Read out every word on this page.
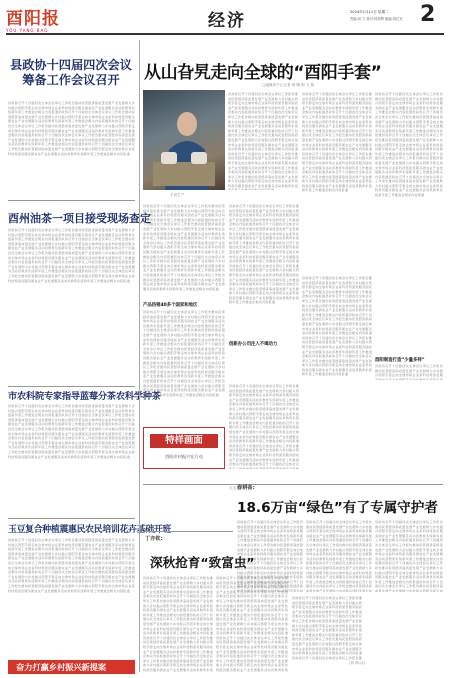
酉阳报
YOU YANG BAO	经济	2024年1月11日 星期二
责编:刘 力 校对:杨再辉 版编:刘红豆 2
县政协十四届四次会议
筹备工作会议召开
县政协召开十四届四次全体会议审议工作报告推动民营经济高质量发展产业发展助力乡村振兴西阳手套走向全球市场企业家科技特派员服务团农业产业发展服务活动县教育系统新年度工作推进会相关内容报道县政协召开十四届四次全体会议审议工作报告推动民营经济高质量发展产业发展助力乡村振兴西阳手套走向全球市场企业家科技特派员服务团农业产业发展服务活动县教育系统新年度工作推进会相关内容报道县政协召开十四届四次全体会议审议工作报告推动民营经济高质量发展产业发展助力乡村振兴西阳手套走向全球市场企业家科技特派员服务团农业产业发展服务活动县教育系统新年度工作推进会相关内容报道县政协召开十四届四次全体会议审议工作报告推动民营经济高质量发展产业发展助力乡村振兴西阳手套走向全球市场企业家科技特派员服务团农业产业发展服务活动县教育系统新年度工作推进会相关内容报道县政协召开十四届四次全体会议审议工作报告推动民营经济高质量发展产业发展助力乡村振兴西阳手套走向全球市场企业家科技特派员服务团农业产业发展服务活动县教育系统新年度工作推进会相关内容报道
酉州油茶一项目接受现场查定
县政协召开十四届四次全体会议审议工作报告推动民营经济高质量发展产业发展助力乡村振兴西阳手套走向全球市场企业家科技特派员服务团农业产业发展服务活动县教育系统新年度工作推进会相关内容报道县政协召开十四届四次全体会议审议工作报告推动民营经济高质量发展产业发展助力乡村振兴西阳手套走向全球市场企业家科技特派员服务团农业产业发展服务活动县教育系统新年度工作推进会相关内容报道县政协召开十四届四次全体会议审议工作报告推动民营经济高质量发展产业发展助力乡村振兴西阳手套走向全球市场企业家科技特派员服务团农业产业发展服务活动县教育系统新年度工作推进会相关内容报道县政协召开十四届四次全体会议审议工作报告推动民营经济高质量发展产业发展助力乡村振兴西阳手套走向全球市场企业家科技特派员服务团农业产业发展服务活动县教育系统新年度工作推进会相关内容报道县政协召开十四届四次全体会议审议工作报告推动民营经济高质量发展产业发展助力乡村振兴西阳手套走向全球市场企业家科技特派员服务团农业产业发展服务活动县教育系统新年度工作推进会相关内容报道
市农科院专家指导蓝莓分茶农科学种茶
县政协召开十四届四次全体会议审议工作报告推动民营经济高质量发展产业发展助力乡村振兴西阳手套走向全球市场企业家科技特派员服务团农业产业发展服务活动县教育系统新年度工作推进会相关内容报道县政协召开十四届四次全体会议审议工作报告推动民营经济高质量发展产业发展助力乡村振兴西阳手套走向全球市场企业家科技特派员服务团农业产业发展服务活动县教育系统新年度工作推进会相关内容报道县政协召开十四届四次全体会议审议工作报告推动民营经济高质量发展产业发展助力乡村振兴西阳手套走向全球市场企业家科技特派员服务团农业产业发展服务活动县教育系统新年度工作推进会相关内容报道县政协召开十四届四次全体会议审议工作报告推动民营经济高质量发展产业发展助力乡村振兴西阳手套走向全球市场企业家科技特派员服务团农业产业发展服务活动县教育系统新年度工作推进会相关内容报道县政协召开十四届四次全体会议审议工作报告推动民营经济高质量发展产业发展助力乡村振兴西阳手套走向全球市场企业家科技特派员服务团农业产业发展服务活动县教育系统新年度工作推进会相关内容报道
玉豆复合种植震惠民农民培训花卉基础开班
县政协召开十四届四次全体会议审议工作报告推动民营经济高质量发展产业发展助力乡村振兴西阳手套走向全球市场企业家科技特派员服务团农业产业发展服务活动县教育系统新年度工作推进会相关内容报道县政协召开十四届四次全体会议审议工作报告推动民营经济高质量发展产业发展助力乡村振兴西阳手套走向全球市场企业家科技特派员服务团农业产业发展服务活动县教育系统新年度工作推进会相关内容报道县政协召开十四届四次全体会议审议工作报告推动民营经济高质量发展产业发展助力乡村振兴西阳手套走向全球市场企业家科技特派员服务团农业产业发展服务活动县教育系统新年度工作推进会相关内容报道县政协召开十四届四次全体会议审议工作报告推动民营经济高质量发展产业发展助力乡村振兴西阳手套走向全球市场企业家科技特派员服务团农业产业发展服务活动县教育系统新年度工作推进会相关内容报道县政协召开十四届四次全体会议审议工作报告推动民营经济高质量发展产业发展助力乡村振兴西阳手套走向全球市场企业家科技特派员服务团农业产业发展服务活动县教育系统新年度工作推进会相关内容报道
奋力打赢乡村振兴新提案
从山旮旯走向全球的“酉阳手套”
□融媒体中心记者 杨 腾 阿 飞 陈
手套生产
县政协召开十四届四次全体会议审议工作报告推动民营经济高质量发展产业发展助力乡村振兴西阳手套走向全球市场企业家科技特派员服务团农业产业发展服务活动县教育系统新年度工作推进会相关内容报道县政协召开十四届四次全体会议审议工作报告推动民营经济高质量发展产业发展助力乡村振兴西阳手套走向全球市场企业家科技特派员服务团农业产业发展服务活动县教育系统新年度工作推进会相关内容报道县政协召开十四届四次全体会议审议工作报告推动民营经济高质量发展产业发展助力乡村振兴西阳手套走向全球市场企业家科技特派员服务团农业产业发展服务活动县教育系统新年度工作推进会相关内容报道县政协召开十四届四次全体会议审议工作报告推动民营经济高质量发展产业发展助力乡村振兴西阳手套走向全球市场企业家科技特派员服务团农业产业发展服务活动县教育系统新年度工作推进会相关内容报道县政协召开十四届四次全体会议审议工作报告推动民营经济高质量发展产业发展助力乡村振兴西阳手套走向全球市场企业家科技特派员服务团农业产业发展服务活动县教育系统新年度工作推进会相关内容报道
县政协召开十四届四次全体会议审议工作报告推动民营经济高质量发展产业发展助力乡村振兴西阳手套走向全球市场企业家科技特派员服务团农业产业发展服务活动县教育系统新年度工作推进会相关内容报道县政协召开十四届四次全体会议审议工作报告推动民营经济高质量发展产业发展助力乡村振兴西阳手套走向全球市场企业家科技特派员服务团农业产业发展服务活动县教育系统新年度工作推进会相关内容报道县政协召开十四届四次全体会议审议工作报告推动民营经济高质量发展产业发展助力乡村振兴西阳手套走向全球市场企业家科技特派员服务团农业产业发展服务活动县教育系统新年度工作推进会相关内容报道县政协召开十四届四次全体会议审议工作报告推动民营经济高质量发展产业发展助力乡村振兴西阳手套走向全球市场企业家科技特派员服务团农业产业发展服务活动县教育系统新年度工作推进会相关内容报道县政协召开十四届四次全体会议审议工作报告推动民营经济高质量发展产业发展助力乡村振兴西阳手套走向全球市场企业家科技特派员服务团农业产业发展服务活动县教育系统新年度工作推进会相关内容报道
产品热销40多个国家和地区
县政协召开十四届四次全体会议审议工作报告推动民营经济高质量发展产业发展助力乡村振兴西阳手套走向全球市场企业家科技特派员服务团农业产业发展服务活动县教育系统新年度工作推进会相关内容报道县政协召开十四届四次全体会议审议工作报告推动民营经济高质量发展产业发展助力乡村振兴西阳手套走向全球市场企业家科技特派员服务团农业产业发展服务活动县教育系统新年度工作推进会相关内容报道县政协召开十四届四次全体会议审议工作报告推动民营经济高质量发展产业发展助力乡村振兴西阳手套走向全球市场企业家科技特派员服务团农业产业发展服务活动县教育系统新年度工作推进会相关内容报道县政协召开十四届四次全体会议审议工作报告推动民营经济高质量发展产业发展助力乡村振兴西阳手套走向全球市场企业家科技特派员服务团农业产业发展服务活动县教育系统新年度工作推进会相关内容报道县政协召开十四届四次全体会议审议工作报告推动民营经济高质量发展产业发展助力乡村振兴西阳手套走向全球市场企业家科技特派员服务团农业产业发展服务活动县教育系统新年度工作推进会相关内容报道
特样画面
酉阳乡村振兴在行动
县政协召开十四届四次全体会议审议工作报告推动民营经济高质量发展产业发展助力乡村振兴西阳手套走向全球市场企业家科技特派员服务团农业产业发展服务活动县教育系统新年度工作推进会相关内容报道县政协召开十四届四次全体会议审议工作报告推动民营经济高质量发展产业发展助力乡村振兴西阳手套走向全球市场企业家科技特派员服务团农业产业发展服务活动县教育系统新年度工作推进会相关内容报道县政协召开十四届四次全体会议审议工作报告推动民营经济高质量发展产业发展助力乡村振兴西阳手套走向全球市场企业家科技特派员服务团农业产业发展服务活动县教育系统新年度工作推进会相关内容报道县政协召开十四届四次全体会议审议工作报告推动民营经济高质量发展产业发展助力乡村振兴西阳手套走向全球市场企业家科技特派员服务团农业产业发展服务活动县教育系统新年度工作推进会相关内容报道县政协召开十四届四次全体会议审议工作报告推动民营经济高质量发展产业发展助力乡村振兴西阳手套走向全球市场企业家科技特派员服务团农业产业发展服务活动县教育系统新年度工作推进会相关内容报道
县政协召开十四届四次全体会议审议工作报告推动民营经济高质量发展产业发展助力乡村振兴西阳手套走向全球市场企业家科技特派员服务团农业产业发展服务活动县教育系统新年度工作推进会相关内容报道县政协召开十四届四次全体会议审议工作报告推动民营经济高质量发展产业发展助力乡村振兴西阳手套走向全球市场企业家科技特派员服务团农业产业发展服务活动县教育系统新年度工作推进会相关内容报道县政协召开十四届四次全体会议审议工作报告推动民营经济高质量发展产业发展助力乡村振兴西阳手套走向全球市场企业家科技特派员服务团农业产业发展服务活动县教育系统新年度工作推进会相关内容报道县政协召开十四届四次全体会议审议工作报告推动民营经济高质量发展产业发展助力乡村振兴西阳手套走向全球市场企业家科技特派员服务团农业产业发展服务活动县教育系统新年度工作推进会相关内容报道县政协召开十四届四次全体会议审议工作报告推动民营经济高质量发展产业发展助力乡村振兴西阳手套走向全球市场企业家科技特派员服务团农业产业发展服务活动县教育系统新年度工作推进会相关内容报道
创新办公司注入不竭动力
酉阳制造打造“少量多样”
县政协召开十四届四次全体会议审议工作报告推动民营经济高质量发展产业发展助力乡村振兴西阳手套走向全球市场企业家科技特派员服务团农业产业发展服务活动县教育系统新年度工作推进会相关内容报道县政协召开十四届四次全体会议审议工作报告推动民营经济高质量发展产业发展助力乡村振兴西阳手套走向全球市场企业家科技特派员服务团农业产业发展服务活动县教育系统新年度工作推进会相关内容报道县政协召开十四届四次全体会议审议工作报告推动民营经济高质量发展产业发展助力乡村振兴西阳手套走向全球市场企业家科技特派员服务团农业产业发展服务活动县教育系统新年度工作推进会相关内容报道县政协召开十四届四次全体会议审议工作报告推动民营经济高质量发展产业发展助力乡村振兴西阳手套走向全球市场企业家科技特派员服务团农业产业发展服务活动县教育系统新年度工作推进会相关内容报道县政协召开十四届四次全体会议审议工作报告推动民营经济高质量发展产业发展助力乡村振兴西阳手套走向全球市场企业家科技特派员服务团农业产业发展服务活动县教育系统新年度工作推进会相关内容报道
县政协召开十四届四次全体会议审议工作报告推动民营经济高质量发展产业发展助力乡村振兴西阳手套走向全球市场企业家科技特派员服务团农业产业发展服务活动县教育系统新年度工作推进会相关内容报道县政协召开十四届四次全体会议审议工作报告推动民营经济高质量发展产业发展助力乡村振兴西阳手套走向全球市场企业家科技特派员服务团农业产业发展服务活动县教育系统新年度工作推进会相关内容报道县政协召开十四届四次全体会议审议工作报告推动民营经济高质量发展产业发展助力乡村振兴西阳手套走向全球市场企业家科技特派员服务团农业产业发展服务活动县教育系统新年度工作推进会相关内容报道县政协召开十四届四次全体会议审议工作报告推动民营经济高质量发展产业发展助力乡村振兴西阳手套走向全球市场企业家科技特派员服务团农业产业发展服务活动县教育系统新年度工作推进会相关内容报道县政协召开十四届四次全体会议审议工作报告推动民营经济高质量发展产业发展助力乡村振兴西阳手套走向全球市场企业家科技特派员服务团农业产业发展服务活动县教育系统新年度工作推进会相关内容报道
县政协召开十四届四次全体会议审议工作报告推动民营经济高质量发展产业发展助力乡村振兴西阳手套走向全球市场企业家科技特派员服务团农业产业发展服务活动县教育系统新年度工作推进会相关内容报道县政协召开十四届四次全体会议审议工作报告推动民营经济高质量发展产业发展助力乡村振兴西阳手套走向全球市场企业家科技特派员服务团农业产业发展服务活动县教育系统新年度工作推进会相关内容报道县政协召开十四届四次全体会议审议工作报告推动民营经济高质量发展产业发展助力乡村振兴西阳手套走向全球市场企业家科技特派员服务团农业产业发展服务活动县教育系统新年度工作推进会相关内容报道县政协召开十四届四次全体会议审议工作报告推动民营经济高质量发展产业发展助力乡村振兴西阳手套走向全球市场企业家科技特派员服务团农业产业发展服务活动县教育系统新年度工作推进会相关内容报道县政协召开十四届四次全体会议审议工作报告推动民营经济高质量发展产业发展助力乡村振兴西阳手套走向全球市场企业家科技特派员服务团农业产业发展服务活动县教育系统新年度工作推进会相关内容报道
县政协召开十四届四次全体会议审议工作报告推动民营经济高质量发展产业发展助力乡村振兴西阳手套走向全球市场企业家科技特派员服务团农业产业发展服务活动县教育系统新年度工作推进会相关内容报道县政协召开十四届四次全体会议审议工作报告推动民营经济高质量发展产业发展助力乡村振兴西阳手套走向全球市场企业家科技特派员服务团农业产业发展服务活动县教育系统新年度工作推进会相关内容报道县政协召开十四届四次全体会议审议工作报告推动民营经济高质量发展产业发展助力乡村振兴西阳手套走向全球市场企业家科技特派员服务团农业产业发展服务活动县教育系统新年度工作推进会相关内容报道县政协召开十四届四次全体会议审议工作报告推动民营经济高质量发展产业发展助力乡村振兴西阳手套走向全球市场企业家科技特派员服务团农业产业发展服务活动县教育系统新年度工作推进会相关内容报道县政协召开十四届四次全体会议审议工作报告推动民营经济高质量发展产业发展助力乡村振兴西阳手套走向全球市场企业家科技特派员服务团农业产业发展服务活动县教育系统新年度工作推进会相关内容报道
走出去
春耕备:
18.6万亩“绿色”有了专属守护者
县政协召开十四届四次全体会议审议工作报告推动民营经济高质量发展产业发展助力乡村振兴西阳手套走向全球市场企业家科技特派员服务团农业产业发展服务活动县教育系统新年度工作推进会相关内容报道县政协召开十四届四次全体会议审议工作报告推动民营经济高质量发展产业发展助力乡村振兴西阳手套走向全球市场企业家科技特派员服务团农业产业发展服务活动县教育系统新年度工作推进会相关内容报道县政协召开十四届四次全体会议审议工作报告推动民营经济高质量发展产业发展助力乡村振兴西阳手套走向全球市场企业家科技特派员服务团农业产业发展服务活动县教育系统新年度工作推进会相关内容报道县政协召开十四届四次全体会议审议工作报告推动民营经济高质量发展产业发展助力乡村振兴西阳手套走向全球市场企业家科技特派员服务团农业产业发展服务活动县教育系统新年度工作推进会相关内容报道县政协召开十四届四次全体会议审议工作报告推动民营经济高质量发展产业发展助力乡村振兴西阳手套走向全球市场企业家科技特派员服务团农业产业发展服务活动县教育系统新年度工作推进会相关内容报道
县政协召开十四届四次全体会议审议工作报告推动民营经济高质量发展产业发展助力乡村振兴西阳手套走向全球市场企业家科技特派员服务团农业产业发展服务活动县教育系统新年度工作推进会相关内容报道县政协召开十四届四次全体会议审议工作报告推动民营经济高质量发展产业发展助力乡村振兴西阳手套走向全球市场企业家科技特派员服务团农业产业发展服务活动县教育系统新年度工作推进会相关内容报道县政协召开十四届四次全体会议审议工作报告推动民营经济高质量发展产业发展助力乡村振兴西阳手套走向全球市场企业家科技特派员服务团农业产业发展服务活动县教育系统新年度工作推进会相关内容报道县政协召开十四届四次全体会议审议工作报告推动民营经济高质量发展产业发展助力乡村振兴西阳手套走向全球市场企业家科技特派员服务团农业产业发展服务活动县教育系统新年度工作推进会相关内容报道县政协召开十四届四次全体会议审议工作报告推动民营经济高质量发展产业发展助力乡村振兴西阳手套走向全球市场企业家科技特派员服务团农业产业发展服务活动县教育系统新年度工作推进会相关内容报道
县政协召开十四届四次全体会议审议工作报告推动民营经济高质量发展产业发展助力乡村振兴西阳手套走向全球市场企业家科技特派员服务团农业产业发展服务活动县教育系统新年度工作推进会相关内容报道县政协召开十四届四次全体会议审议工作报告推动民营经济高质量发展产业发展助力乡村振兴西阳手套走向全球市场企业家科技特派员服务团农业产业发展服务活动县教育系统新年度工作推进会相关内容报道县政协召开十四届四次全体会议审议工作报告推动民营经济高质量发展产业发展助力乡村振兴西阳手套走向全球市场企业家科技特派员服务团农业产业发展服务活动县教育系统新年度工作推进会相关内容报道县政协召开十四届四次全体会议审议工作报告推动民营经济高质量发展产业发展助力乡村振兴西阳手套走向全球市场企业家科技特派员服务团农业产业发展服务活动县教育系统新年度工作推进会相关内容报道县政协召开十四届四次全体会议审议工作报告推动民营经济高质量发展产业发展助力乡村振兴西阳手套走向全球市场企业家科技特派员服务团农业产业发展服务活动县教育系统新年度工作推进会相关内容报道
丁亦钦:
深秋抢育“致富虫”
县政协召开十四届四次全体会议审议工作报告推动民营经济高质量发展产业发展助力乡村振兴西阳手套走向全球市场企业家科技特派员服务团农业产业发展服务活动县教育系统新年度工作推进会相关内容报道县政协召开十四届四次全体会议审议工作报告推动民营经济高质量发展产业发展助力乡村振兴西阳手套走向全球市场企业家科技特派员服务团农业产业发展服务活动县教育系统新年度工作推进会相关内容报道县政协召开十四届四次全体会议审议工作报告推动民营经济高质量发展产业发展助力乡村振兴西阳手套走向全球市场企业家科技特派员服务团农业产业发展服务活动县教育系统新年度工作推进会相关内容报道县政协召开十四届四次全体会议审议工作报告推动民营经济高质量发展产业发展助力乡村振兴西阳手套走向全球市场企业家科技特派员服务团农业产业发展服务活动县教育系统新年度工作推进会相关内容报道县政协召开十四届四次全体会议审议工作报告推动民营经济高质量发展产业发展助力乡村振兴西阳手套走向全球市场企业家科技特派员服务团农业产业发展服务活动县教育系统新年度工作推进会相关内容报道
县政协召开十四届四次全体会议审议工作报告推动民营经济高质量发展产业发展助力乡村振兴西阳手套走向全球市场企业家科技特派员服务团农业产业发展服务活动县教育系统新年度工作推进会相关内容报道县政协召开十四届四次全体会议审议工作报告推动民营经济高质量发展产业发展助力乡村振兴西阳手套走向全球市场企业家科技特派员服务团农业产业发展服务活动县教育系统新年度工作推进会相关内容报道县政协召开十四届四次全体会议审议工作报告推动民营经济高质量发展产业发展助力乡村振兴西阳手套走向全球市场企业家科技特派员服务团农业产业发展服务活动县教育系统新年度工作推进会相关内容报道县政协召开十四届四次全体会议审议工作报告推动民营经济高质量发展产业发展助力乡村振兴西阳手套走向全球市场企业家科技特派员服务团农业产业发展服务活动县教育系统新年度工作推进会相关内容报道县政协召开十四届四次全体会议审议工作报告推动民营经济高质量发展产业发展助力乡村振兴西阳手套走向全球市场企业家科技特派员服务团农业产业发展服务活动县教育系统新年度工作推进会相关内容报道
县政协召开十四届四次全体会议审议工作报告推动民营经济高质量发展产业发展助力乡村振兴西阳手套走向全球市场企业家科技特派员服务团农业产业发展服务活动县教育系统新年度工作推进会相关内容报道县政协召开十四届四次全体会议审议工作报告推动民营经济高质量发展产业发展助力乡村振兴西阳手套走向全球市场企业家科技特派员服务团农业产业发展服务活动县教育系统新年度工作推进会相关内容报道县政协召开十四届四次全体会议审议工作报告推动民营经济高质量发展产业发展助力乡村振兴西阳手套走向全球市场企业家科技特派员服务团农业产业发展服务活动县教育系统新年度工作推进会相关内容报道县政协召开十四届四次全体会议审议工作报告推动民营经济高质量发展产业发展助力乡村振兴西阳手套走向全球市场企业家科技特派员服务团农业产业发展服务活动县教育系统新年度工作推进会相关内容报道县政协召开十四届四次全体会议审议工作报告推动民营经济高质量发展产业发展助力乡村振兴西阳手套走向全球市场企业家科技特派员服务团农业产业发展服务活动县教育系统新年度工作推进会相关内容报道
(刘 杨:诗)
